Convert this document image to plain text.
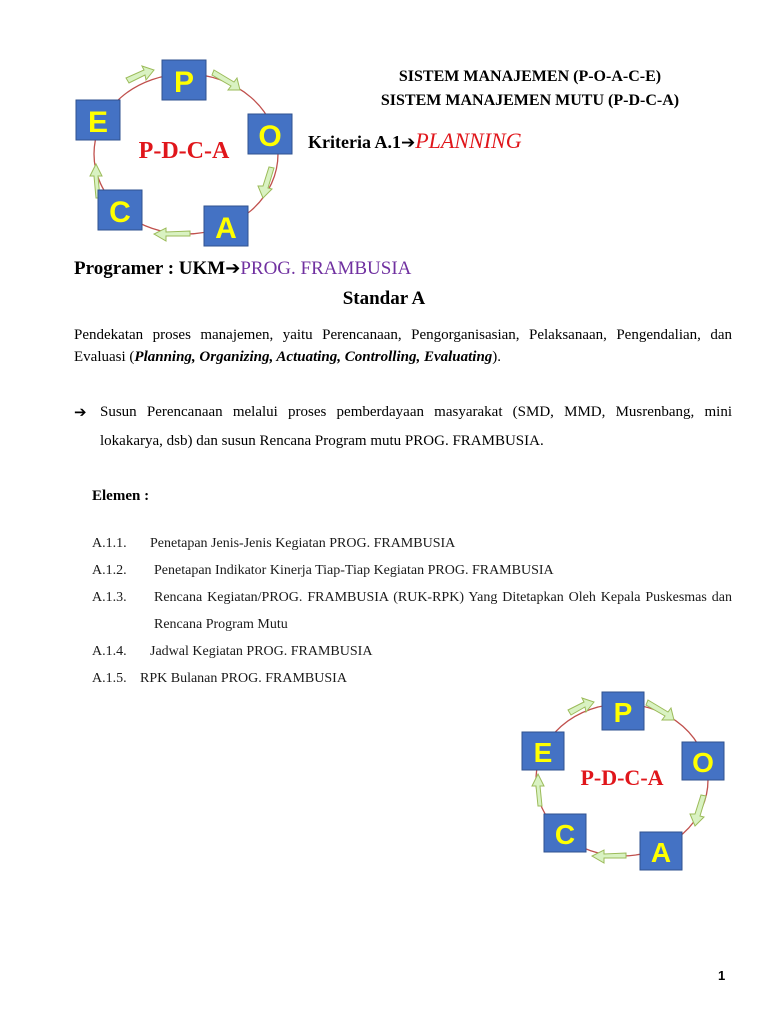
P
O
A
C
E
P-D-C-A
SISTEM MANAJEMEN (P-O-A-C-E)
SISTEM MANAJEMEN MUTU (P-D-C-A)
Kriteria A.1➔PLANNING
Programer : UKM➔PROG. FRAMBUSIA
Standar A
Pendekatan proses manajemen, yaitu Perencanaan, Pengorganisasian, Pelaksanaan, Pengendalian, dan Evaluasi (Planning, Organizing, Actuating, Controlling, Evaluating).
➔ Susun Perencanaan melalui proses pemberdayaan masyarakat (SMD, MMD, Musrenbang, mini lokakarya, dsb) dan susun Rencana Program mutu PROG. FRAMBUSIA.
Elemen :
A.1.1. Penetapan Jenis-Jenis Kegiatan PROG. FRAMBUSIA
A.1.2. Penetapan Indikator Kinerja Tiap-Tiap Kegiatan PROG. FRAMBUSIA
A.1.3.	Rencana Kegiatan/PROG. FRAMBUSIA (RUK-RPK) Yang Ditetapkan Oleh Kepala Puskesmas dan Rencana Program Mutu
A.1.4. Jadwal Kegiatan PROG. FRAMBUSIA
A.1.5. RPK Bulanan PROG. FRAMBUSIA
P
O
A
C
E
P-D-C-A
1
